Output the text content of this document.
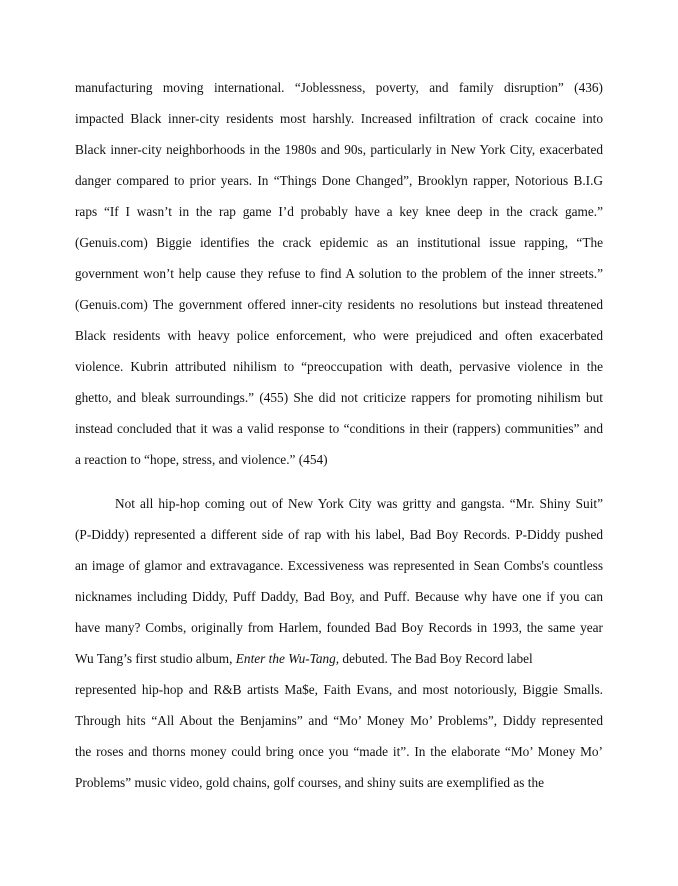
manufacturing moving international. “Joblessness, poverty, and family disruption” (436)
impacted Black inner-city residents most harshly. Increased infiltration of crack cocaine into
Black inner-city neighborhoods in the 1980s and 90s, particularly in New York City, exacerbated
danger compared to prior years. In “Things Done Changed”, Brooklyn rapper, Notorious B.I.G
raps “If I wasn’t in the rap game I’d probably have a key knee deep in the crack game.”
(Genuis.com) Biggie identifies the crack epidemic as an institutional issue rapping, “The
government won’t help cause they refuse to find A solution to the problem of the inner streets.”
(Genuis.com) The government offered inner-city residents no resolutions but instead threatened
Black residents with heavy police enforcement, who were prejudiced and often exacerbated
violence. Kubrin attributed nihilism to “preoccupation with death, pervasive violence in the
ghetto, and bleak surroundings.” (455) She did not criticize rappers for promoting nihilism but
instead concluded that it was a valid response to “conditions in their (rappers) communities” and
a reaction to “hope, stress, and violence.” (454)
Not all hip-hop coming out of New York City was gritty and gangsta. “Mr. Shiny Suit”
(P-Diddy) represented a different side of rap with his label, Bad Boy Records. P-Diddy pushed
an image of glamor and extravagance. Excessiveness was represented in Sean Combs's countless
nicknames including Diddy, Puff Daddy, Bad Boy, and Puff. Because why have one if you can
have many? Combs, originally from Harlem, founded Bad Boy Records in 1993, the same year
Wu Tang’s first studio album, Enter the Wu-Tang, debuted. The Bad Boy Record label
represented hip-hop and R&B artists Ma$e, Faith Evans, and most notoriously, Biggie Smalls.
Through hits “All About the Benjamins” and “Mo’ Money Mo’ Problems”, Diddy represented
the roses and thorns money could bring once you “made it”. In the elaborate “Mo’ Money Mo’
Problems” music video, gold chains, golf courses, and shiny suits are exemplified as the
